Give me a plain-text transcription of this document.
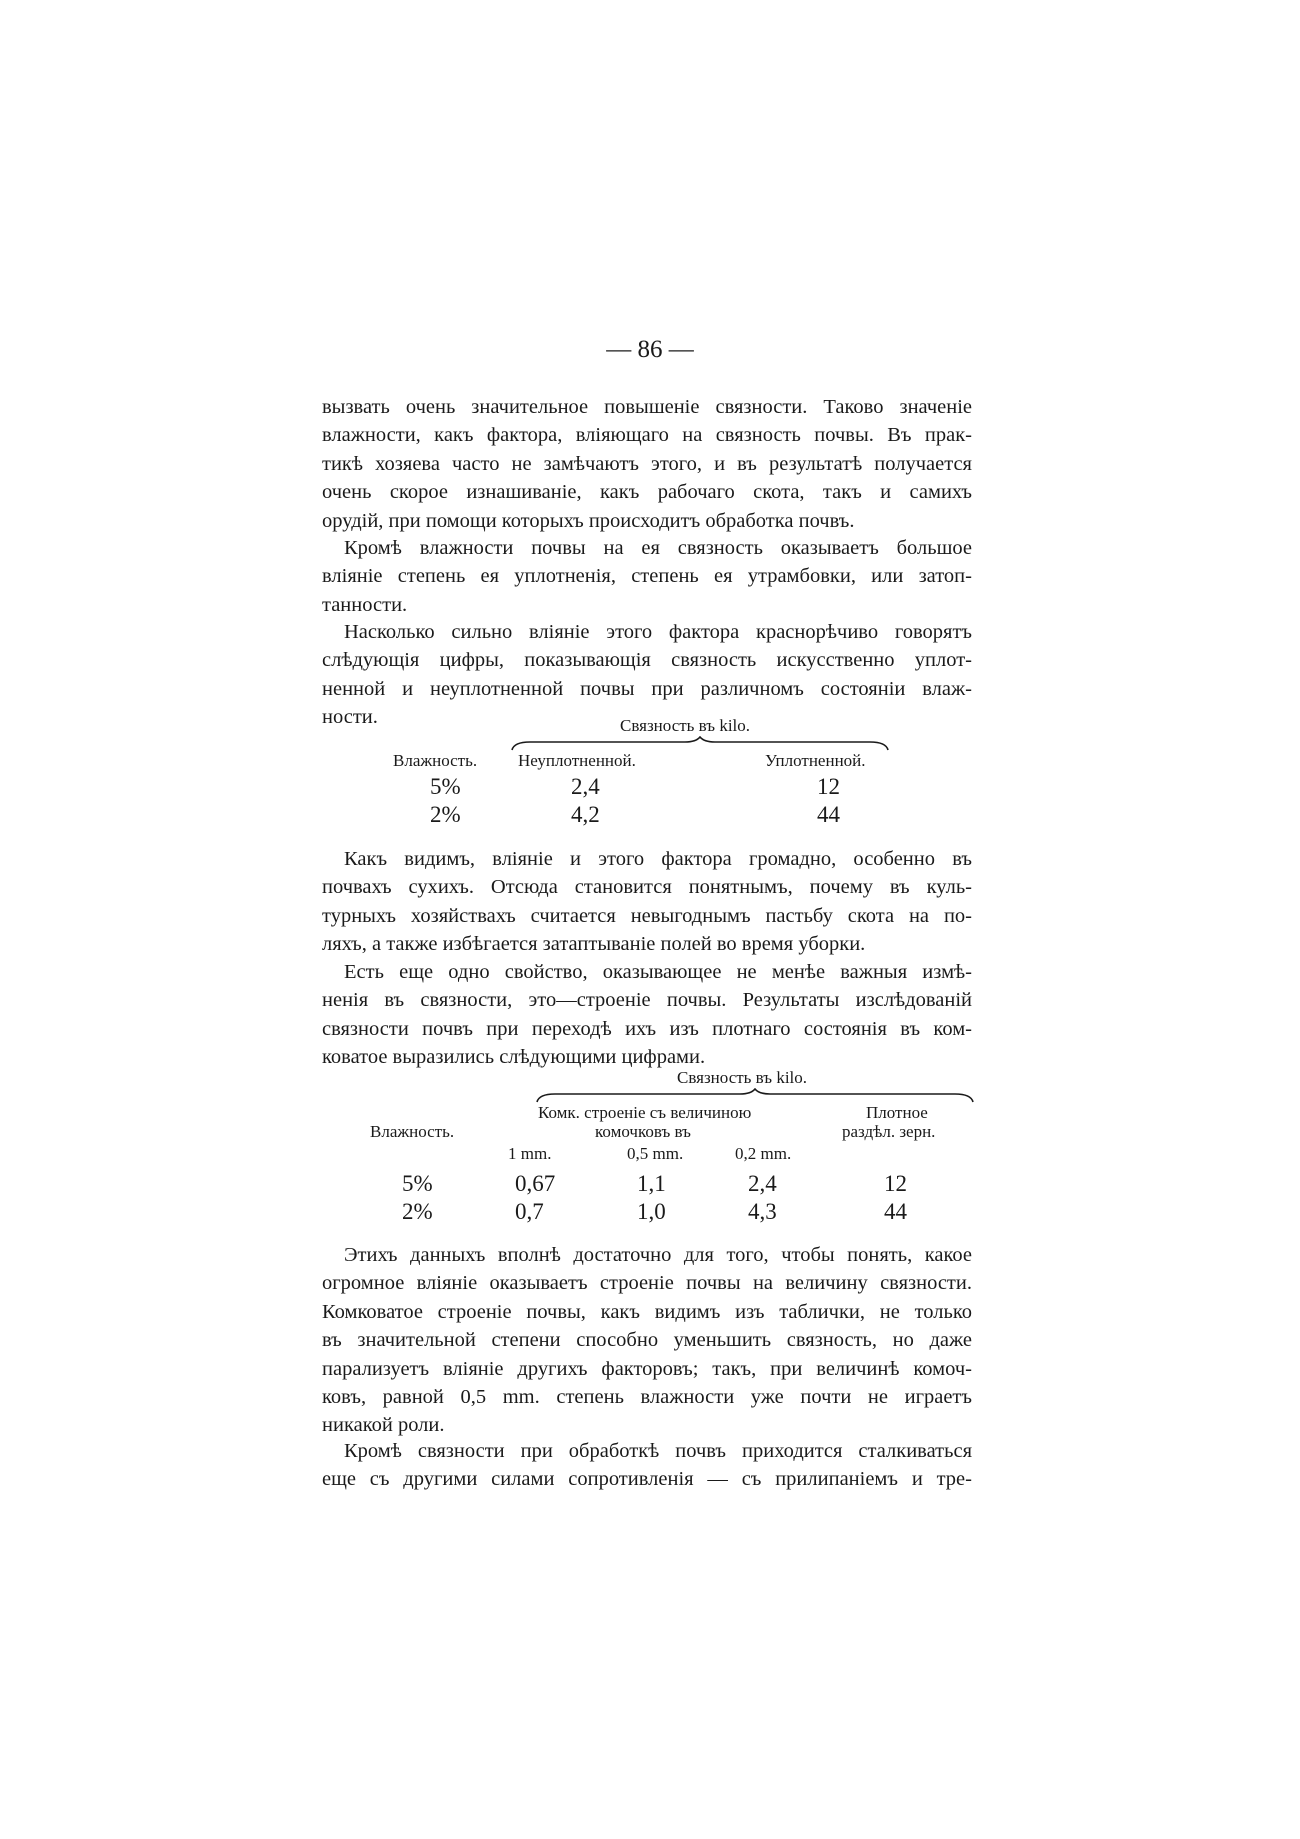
— 86 —
вызвать очень значительное повышеніе связности. Таково значеніе
влажности, какъ фактора, вліяющаго на связность почвы. Въ прак-
тикѣ хозяева часто не замѣчаютъ этого, и въ результатѣ получается
очень скорое изнашиваніе, какъ рабочаго скота, такъ и самихъ
орудій, при помощи которыхъ происходитъ обработка почвъ.
Кромѣ влажности почвы на ея связность оказываетъ большое
вліяніе степень ея уплотненія, степень ея утрамбовки, или затоп-
танности.
Насколько сильно вліяніе этого фактора краснорѣчиво говорятъ
слѣдующія цифры, показывающія связность искусственно уплот-
ненной и неуплотненной почвы при различномъ состояніи влаж-
ности.	Связность въ kilo.
Влажность. Неуплотненной.	Уплотненной.
5%	2,4	12
2%	4,2	44
Какъ видимъ, вліяніе и этого фактора громадно, особенно въ
почвахъ сухихъ. Отсюда становится понятнымъ, почему въ куль-
турныхъ хозяйствахъ считается невыгоднымъ пастьбу скота на по-
ляхъ, а также избѣгается затаптываніе полей во время уборки.
Есть еще одно свойство, оказывающее не менѣе важныя измѣ-
ненія въ связности, это—строеніе почвы. Результаты изслѣдованій
связности почвъ при переходѣ ихъ изъ плотнаго состоянія въ ком-
коватое выразились слѣдующими цифрами.
Связность въ kilo.
Комк. строеніе съ величиною
комочковъ въ
Плотное
раздѣл. зерн.
Влажность.
1 mm.	0,5 mm.	0,2 mm.
5%	0,67	1,1	2,4	12
2%	0,7	1,0	4,3	44
Этихъ данныхъ вполнѣ достаточно для того, чтобы понять, какое
огромное вліяніе оказываетъ строеніе почвы на величину связности.
Комковатое строеніе почвы, какъ видимъ изъ таблички, не только
въ значительной степени способно уменьшить связность, но даже
парализуетъ вліяніе другихъ факторовъ; такъ, при величинѣ комоч-
ковъ, равной 0,5 mm. степень влажности уже почти не играетъ
никакой роли.
Кромѣ связности при обработкѣ почвъ приходится сталкиваться
еще съ другими силами сопротивленія — съ прилипаніемъ и тре-
